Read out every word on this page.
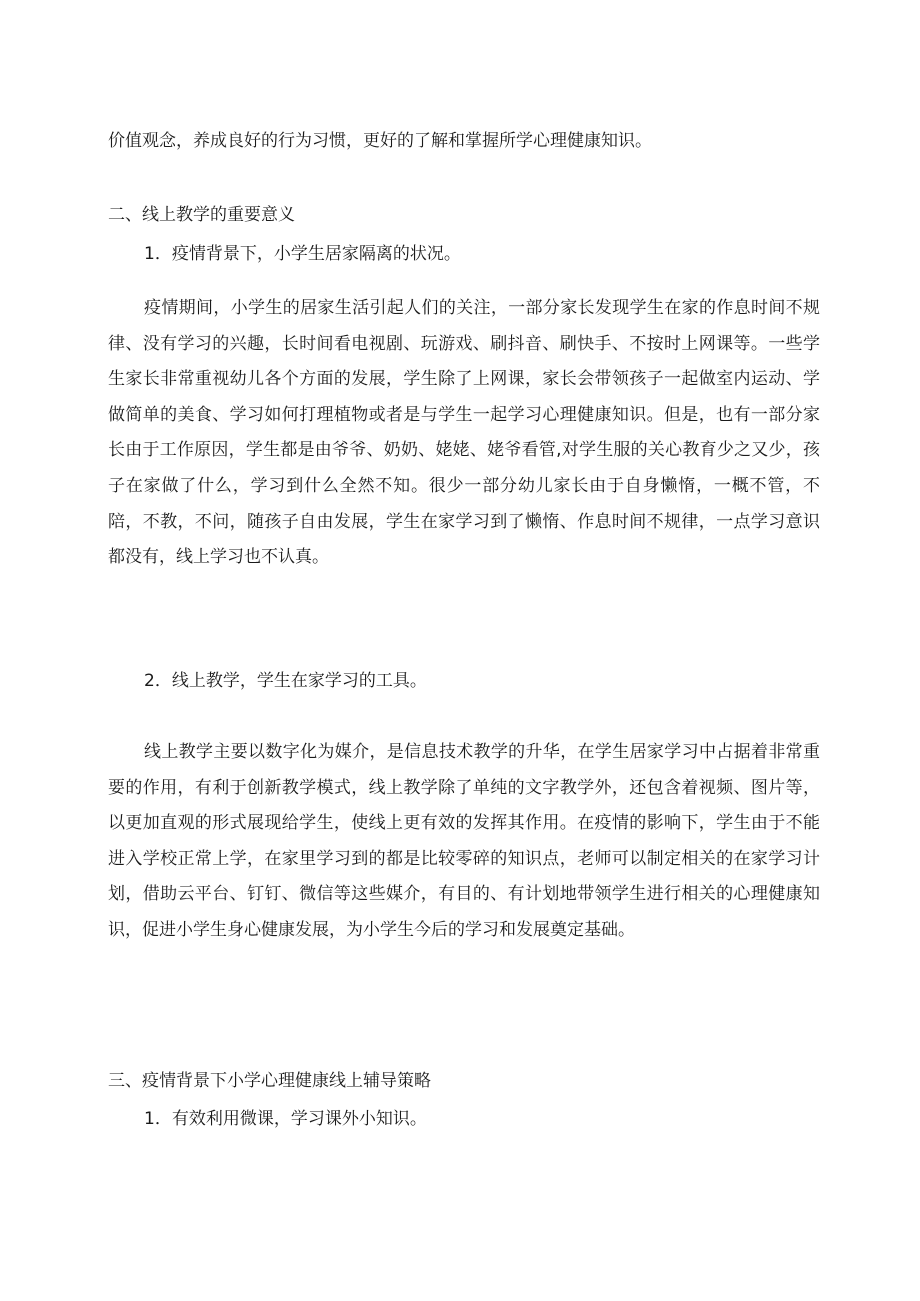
价值观念，养成良好的行为习惯，更好的了解和掌握所学心理健康知识。
二、线上教学的重要意义
1．疫情背景下，小学生居家隔离的状况。
疫情期间，小学生的居家生活引起人们的关注，一部分家长发现学生在家的作息时间不规律、没有学习的兴趣，长时间看电视剧、玩游戏、刷抖音、刷快手、不按时上网课等。一些学生家长非常重视幼儿各个方面的发展，学生除了上网课，家长会带领孩子一起做室内运动、学做简单的美食、学习如何打理植物或者是与学生一起学习心理健康知识。但是，也有一部分家长由于工作原因，学生都是由爷爷、奶奶、姥姥、姥爷看管,对学生服的关心教育少之又少，孩子在家做了什么，学习到什么全然不知。很少一部分幼儿家长由于自身懒惰，一概不管，不陪，不教，不问，随孩子自由发展，学生在家学习到了懒惰、作息时间不规律，一点学习意识都没有，线上学习也不认真。
2．线上教学，学生在家学习的工具。
线上教学主要以数字化为媒介，是信息技术教学的升华，在学生居家学习中占据着非常重要的作用，有利于创新教学模式，线上教学除了单纯的文字教学外，还包含着视频、图片等，以更加直观的形式展现给学生，使线上更有效的发挥其作用。在疫情的影响下，学生由于不能进入学校正常上学，在家里学习到的都是比较零碎的知识点，老师可以制定相关的在家学习计划，借助云平台、钉钉、微信等这些媒介，有目的、有计划地带领学生进行相关的心理健康知识，促进小学生身心健康发展，为小学生今后的学习和发展奠定基础。
三、疫情背景下小学心理健康线上辅导策略
1．有效利用微课，学习课外小知识。
